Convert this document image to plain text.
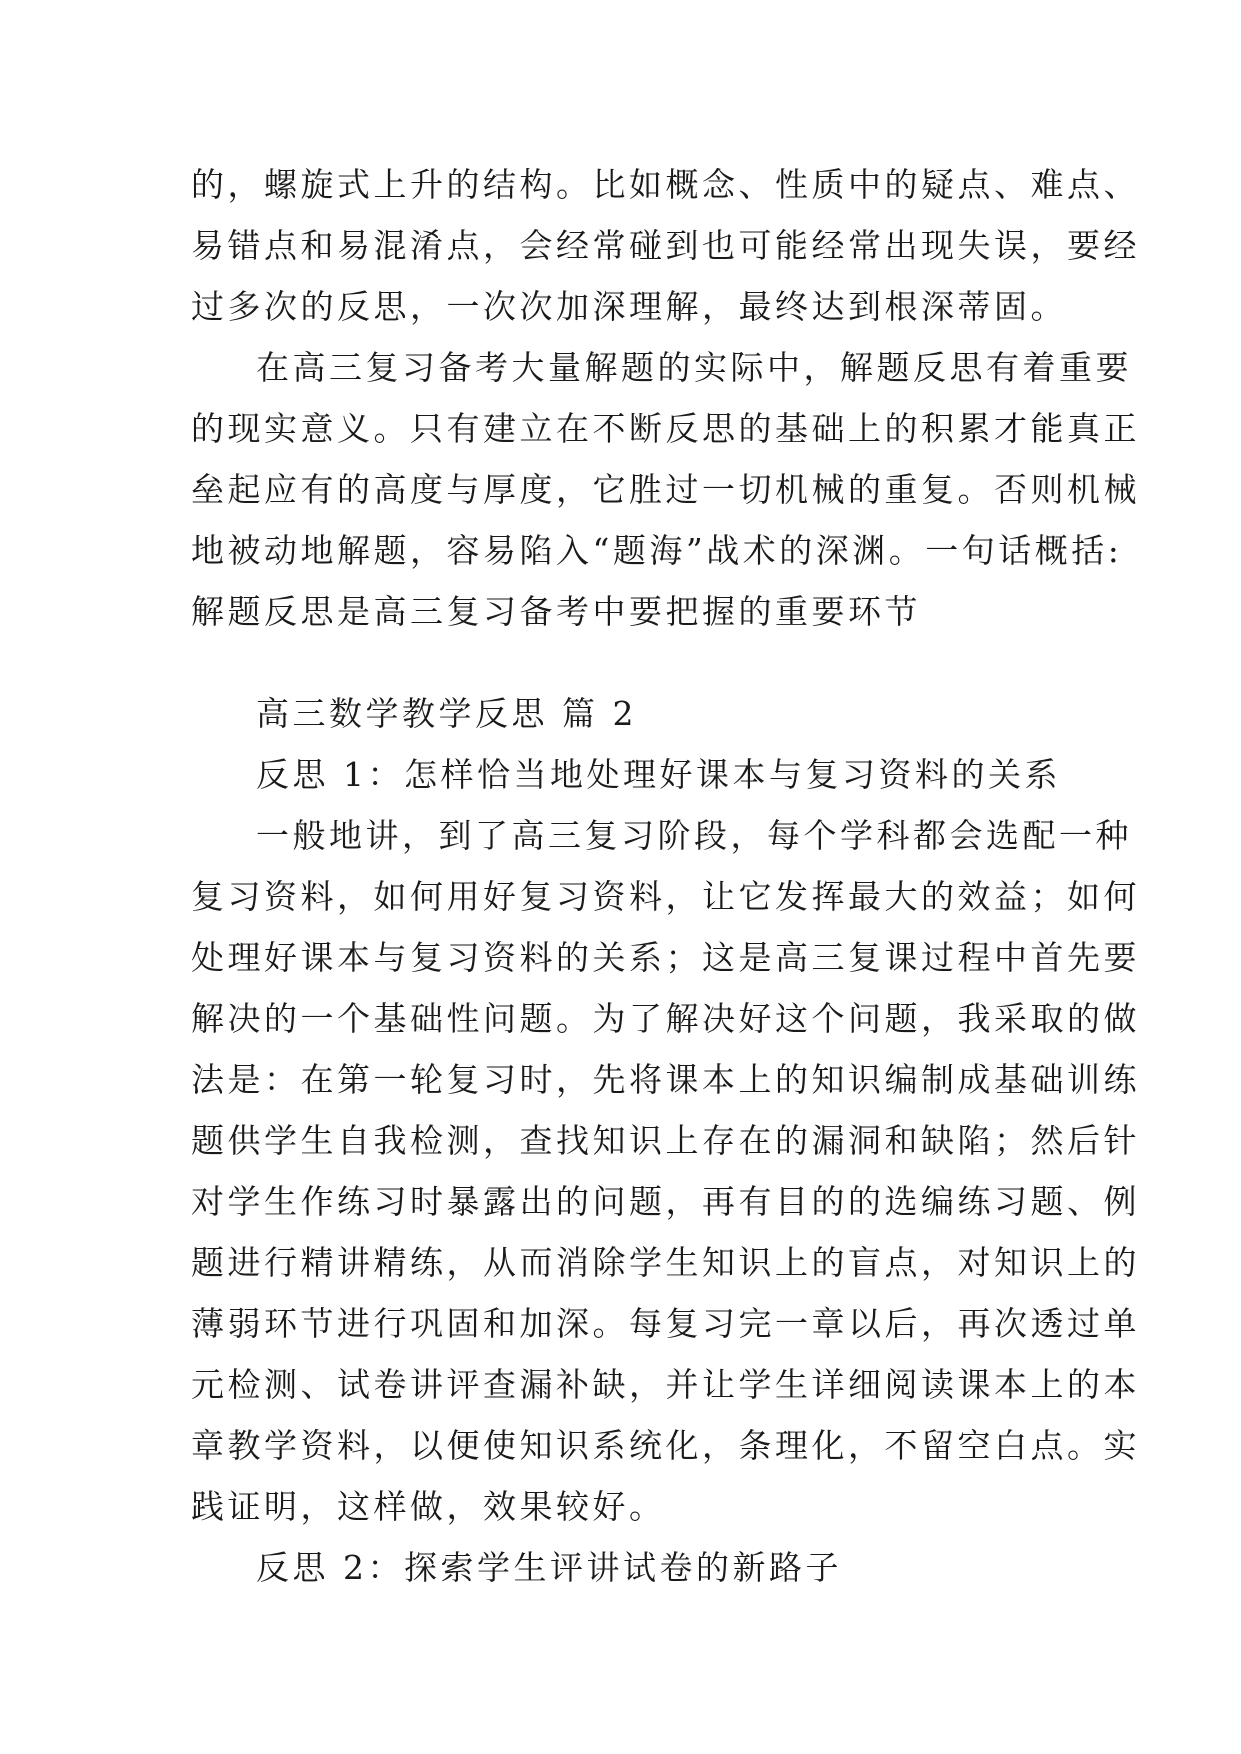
的，螺旋式上升的结构。比如概念、性质中的疑点、难点、
易错点和易混淆点，会经常碰到也可能经常出现失误，要经
过多次的反思，一次次加深理解，最终达到根深蒂固。
在高三复习备考大量解题的实际中，解题反思有着重要
的现实意义。只有建立在不断反思的基础上的积累才能真正
垒起应有的高度与厚度，它胜过一切机械的重复。否则机械
地被动地解题，容易陷入“题海”战术的深渊。一句话概括:
解题反思是高三复习备考中要把握的重要环节
高三数学教学反思 篇 2
反思 1：怎样恰当地处理好课本与复习资料的关系
一般地讲，到了高三复习阶段，每个学科都会选配一种
复习资料，如何用好复习资料，让它发挥最大的效益；如何
处理好课本与复习资料的关系；这是高三复课过程中首先要
解决的一个基础性问题。为了解决好这个问题，我采取的做
法是：在第一轮复习时，先将课本上的知识编制成基础训练
题供学生自我检测，查找知识上存在的漏洞和缺陷；然后针
对学生作练习时暴露出的问题，再有目的的选编练习题、例
题进行精讲精练，从而消除学生知识上的盲点，对知识上的
薄弱环节进行巩固和加深。每复习完一章以后，再次透过单
元检测、试卷讲评查漏补缺，并让学生详细阅读课本上的本
章教学资料，以便使知识系统化，条理化，不留空白点。实
践证明，这样做，效果较好。
反思 2：探索学生评讲试卷的新路子
